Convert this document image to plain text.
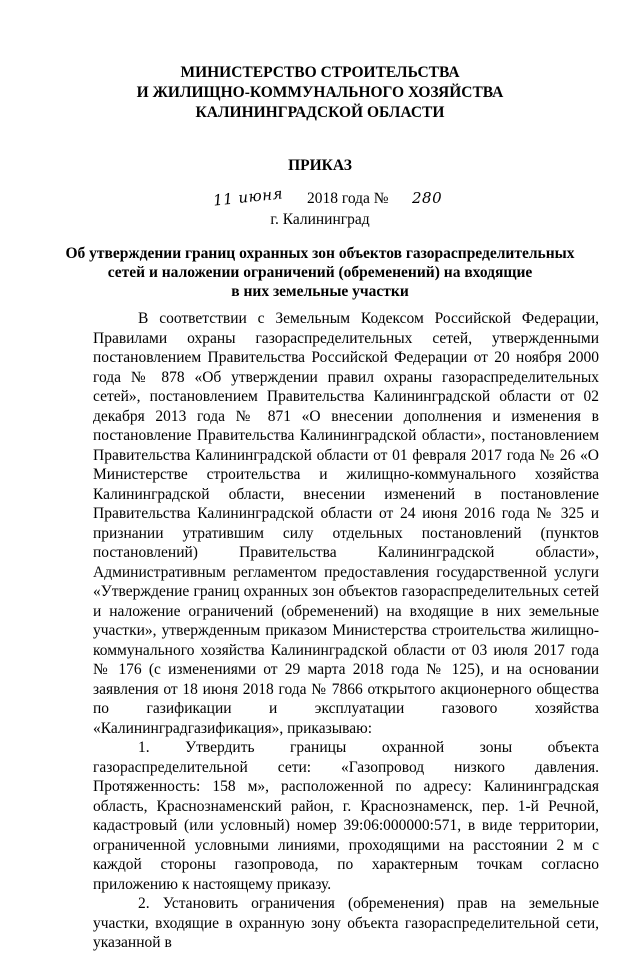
МИНИСТЕРСТВО СТРОИТЕЛЬСТВА
И ЖИЛИЩНО-КОММУНАЛЬНОГО ХОЗЯЙСТВА
КАЛИНИНГРАДСКОЙ ОБЛАСТИ
ПРИКАЗ
11 июня 2018 года № 280
г. Калининград
Об утверждении границ охранных зон объектов газораспределительных
сетей и наложении ограничений (обременений) на входящие
в них земельные участки

В соответствии с Земельным Кодексом Российской Федерации, Правилами охраны газораспределительных сетей, утвержденными постановлением Правительства Российской Федерации от 20 ноября 2000 года № 878 «Об утверждении правил охраны газораспределительных сетей», постановлением Правительства Калининградской области от 02 декабря 2013 года № 871 «О внесении дополнения и изменения в постановление Правительства Калининградской области», постановлением Правительства Калининградской области от 01 февраля 2017 года № 26 «О Министерстве строительства и жилищно-коммунального хозяйства Калининградской области, внесении изменений в постановление Правительства Калининградской области от 24 июня 2016 года № 325 и признании утратившим силу отдельных постановлений (пунктов постановлений) Правительства Калининградской области», Административным регламентом предоставления государственной услуги «Утверждение границ охранных зон объектов газораспределительных сетей и наложение ограничений (обременений) на входящие в них земельные участки», утвержденным приказом Министерства строительства жилищно-коммунального хозяйства Калининградской области от 03 июля 2017 года № 176 (с изменениями от 29 марта 2018 года № 125), и на основании заявления от 18 июня 2018 года № 7866 открытого акционерного общества по газификации и эксплуатации газового хозяйства «Калининградгазификация», приказываю:

1. Утвердить границы охранной зоны объекта газораспределительной сети: «Газопровод низкого давления. Протяженность: 158 м», расположенной по адресу: Калининградская область, Краснознаменский район, г. Краснознаменск, пер. 1-й Речной, кадастровый (или условный) номер 39:06:000000:571, в виде территории, ограниченной условными линиями, проходящими на расстоянии 2 м с каждой стороны газопровода, по характерным точкам согласно приложению к настоящему приказу.

2. Установить ограничения (обременения) прав на земельные участки, входящие в охранную зону объекта газораспределительной сети, указанной в
